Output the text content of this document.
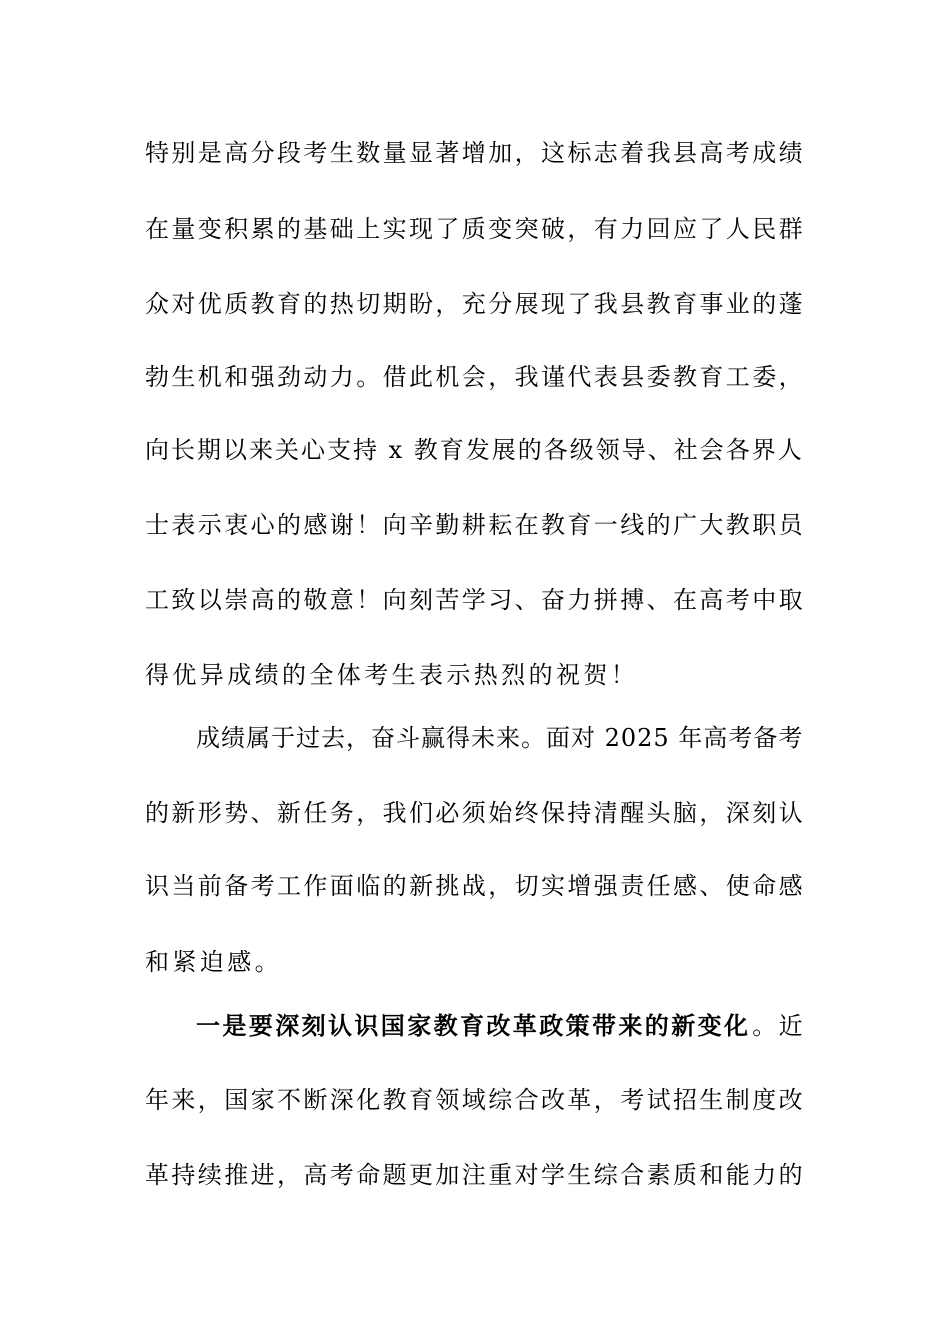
特别是高分段考生数量显著增加，这标志着我县高考成绩
在量变积累的基础上实现了质变突破，有力回应了人民群
众对优质教育的热切期盼，充分展现了我县教育事业的蓬
勃生机和强劲动力。借此机会，我谨代表县委教育工委，
向长期以来关心支持 x 教育发展的各级领导、社会各界人
士表示衷心的感谢！向辛勤耕耘在教育一线的广大教职员
工致以崇高的敬意！向刻苦学习、奋力拼搏、在高考中取
得优异成绩的全体考生表示热烈的祝贺！
成绩属于过去，奋斗赢得未来。面对 2025 年高考备考
的新形势、新任务，我们必须始终保持清醒头脑，深刻认
识当前备考工作面临的新挑战，切实增强责任感、使命感
和紧迫感。
一是要深刻认识国家教育改革政策带来的新变化 。近
年来，国家不断深化教育领域综合改革，考试招生制度改
革持续推进，高考命题更加注重对学生综合素质和能力的
